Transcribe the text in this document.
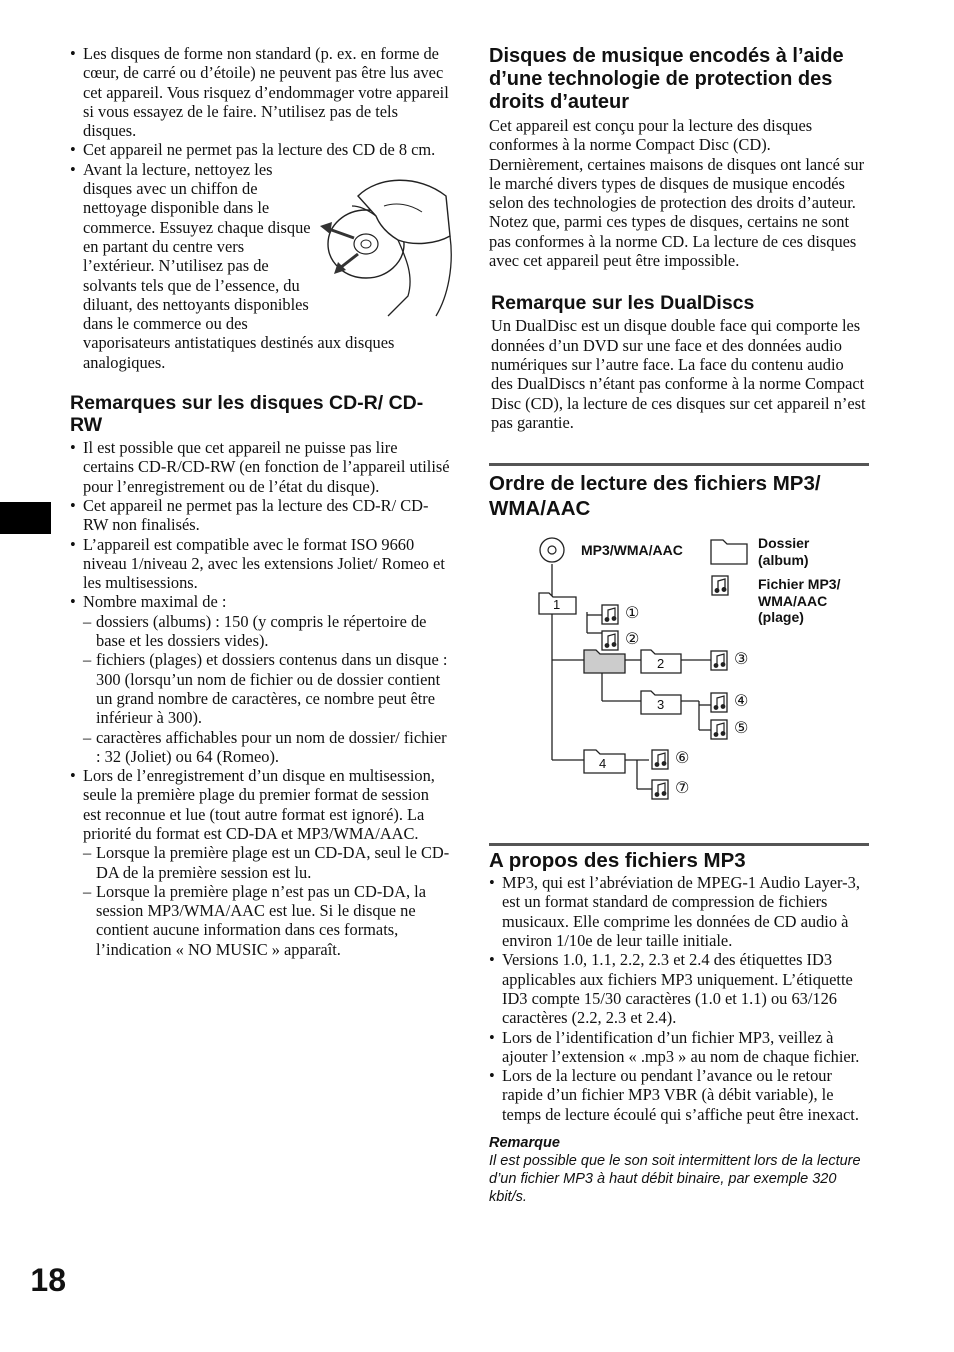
• Les disques de forme non standard (p. ex. en forme de cœur, de carré ou d’étoile) ne peuvent pas être lus avec cet appareil. Vous risquez d’endommager votre appareil si vous essayez de le faire. N’utilisez pas de tels disques.
• Cet appareil ne permet pas la lecture des CD de 8 cm.
• Avant la lecture, nettoyez les disques avec un chiffon de nettoyage disponible dans le commerce. Essuyez chaque disque en partant du centre vers l’extérieur. N’utilisez pas de solvants tels que de l’essence, du diluant, des nettoyants disponibles dans le commerce ou des vaporisateurs antistatiques destinés aux disques analogiques.
Remarques sur les disques CD-R/ CD-RW
• Il est possible que cet appareil ne puisse pas lire certains CD-R/CD-RW (en fonction de l’appareil utilisé pour l’enregistrement ou de l’état du disque).
• Cet appareil ne permet pas la lecture des CD-R/ CD-RW non finalisés.
• L’appareil est compatible avec le format ISO 9660 niveau 1/niveau 2, avec les extensions Joliet/ Romeo et les multisessions.
• Nombre maximal de :
– dossiers (albums) : 150 (y compris le répertoire de base et les dossiers vides).
– fichiers (plages) et dossiers contenus dans un disque : 300 (lorsqu’un nom de fichier ou de dossier contient un grand nombre de caractères, ce nombre peut être inférieur à 300).
– caractères affichables pour un nom de dossier/ fichier : 32 (Joliet) ou 64 (Romeo).
• Lors de l’enregistrement d’un disque en multisession, seule la première plage du premier format de session est reconnue et lue (tout autre format est ignoré). La priorité du format est CD-DA et MP3/WMA/AAC.
– Lorsque la première plage est un CD-DA, seul le CD-DA de la première session est lu.
– Lorsque la première plage n’est pas un CD-DA, la session MP3/WMA/AAC est lue. Si le disque ne contient aucune information dans ces formats, l’indication « NO MUSIC » apparaît.
Disques de musique encodés à l’aide d’une technologie de protection des droits d’auteur

Cet appareil est conçu pour la lecture des disques conformes à la norme Compact Disc (CD). Dernièrement, certaines maisons de disques ont lancé sur le marché divers types de disques de musique encodés selon des technologies de protection des droits d’auteur. Notez que, parmi ces types de disques, certains ne sont pas conformes à la norme CD. La lecture de ces disques avec cet appareil peut être impossible.

Remarque sur les DualDiscs

Un DualDisc est un disque double face qui comporte les données d’un DVD sur une face et des données audio numériques sur l’autre face. La face du contenu audio des DualDiscs n’étant pas conforme à la norme Compact Disc (CD), la lecture de ces disques sur cet appareil n’est pas garantie.

Ordre de lecture des fichiers MP3/ WMA/AAC
MP3/WMA/AAC	Dossier (album)
Fichier MP3/ WMA/AAC (plage)
1
2
3
4
①
②
③
④
⑤
⑥
⑦
A propos des fichiers MP3
• MP3, qui est l’abréviation de MPEG-1 Audio Layer-3, est un format standard de compression de fichiers musicaux. Elle comprime les données de CD audio à environ 1/10e de leur taille initiale.
• Versions 1.0, 1.1, 2.2, 2.3 et 2.4 des étiquettes ID3 applicables aux fichiers MP3 uniquement. L’étiquette ID3 compte 15/30 caractères (1.0 et 1.1) ou 63/126 caractères (2.2, 2.3 et 2.4).
• Lors de l’identification d’un fichier MP3, veillez à ajouter l’extension « .mp3 » au nom de chaque fichier.
• Lors de la lecture ou pendant l’avance ou le retour rapide d’un fichier MP3 VBR (à débit variable), le temps de lecture écoulé qui s’affiche peut être inexact.
Remarque
Il est possible que le son soit intermittent lors de la lecture d’un fichier MP3 à haut débit binaire, par exemple 320 kbit/s.
18
